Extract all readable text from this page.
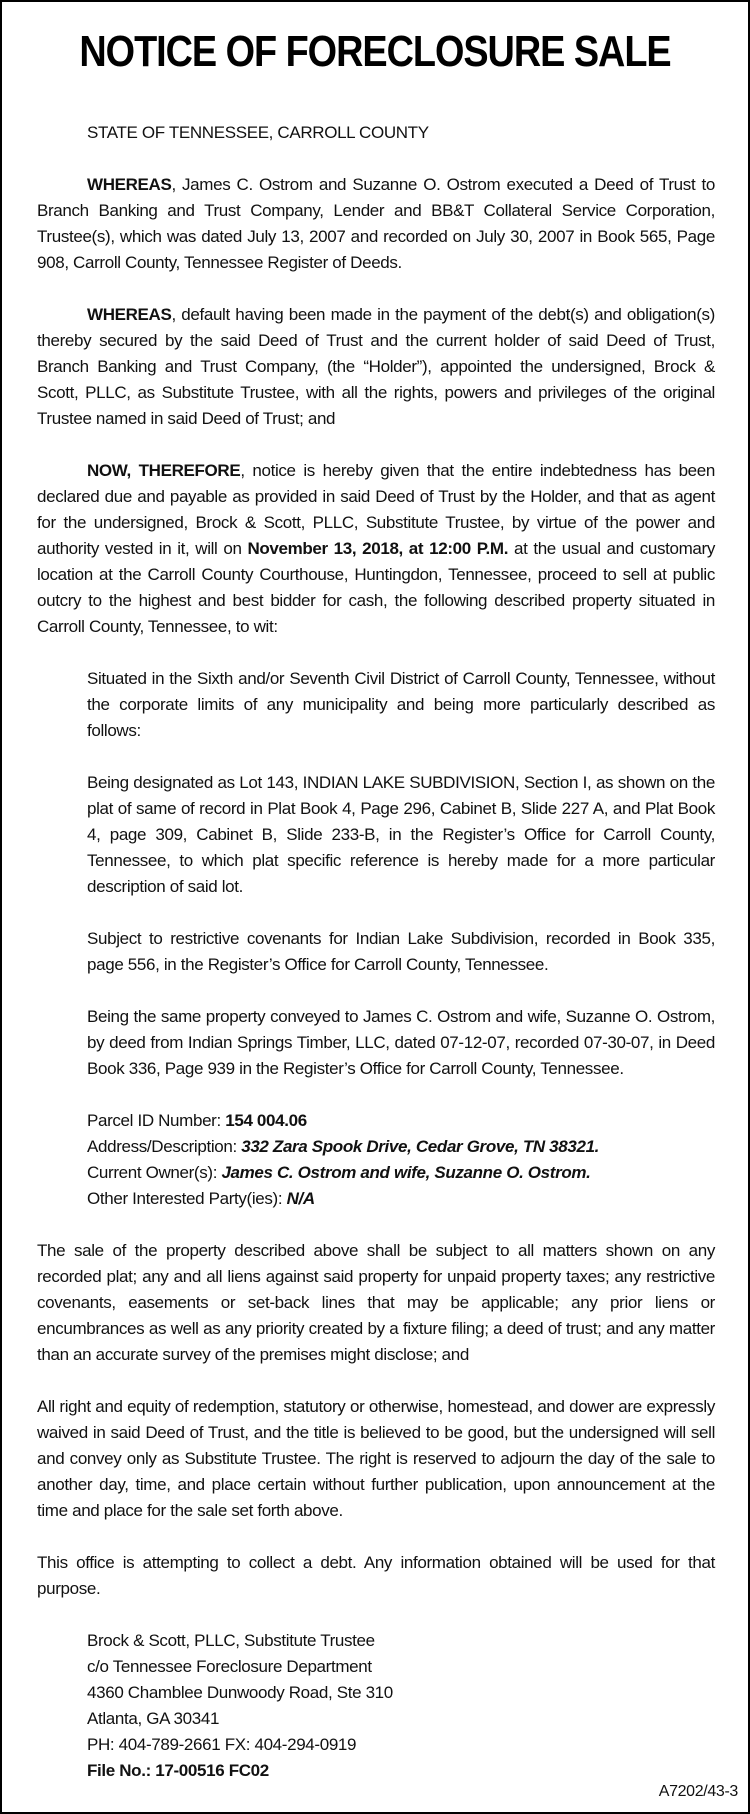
NOTICE OF FORECLOSURE SALE

STATE OF TENNESSEE, CARROLL COUNTY

WHEREAS, James C. Ostrom and Suzanne O. Ostrom executed a Deed of Trust to Branch Banking and Trust Company, Lender and BB&T Collateral Service Corporation, Trustee(s), which was dated July 13, 2007 and recorded on July 30, 2007 in Book 565, Page 908, Carroll County, Tennessee Register of Deeds.

WHEREAS, default having been made in the payment of the debt(s) and obligation(s) thereby secured by the said Deed of Trust and the current holder of said Deed of Trust, Branch Banking and Trust Company, (the “Holder”), appointed the undersigned, Brock & Scott, PLLC, as Substitute Trustee, with all the rights, powers and privileges of the original Trustee named in said Deed of Trust; and

NOW, THEREFORE, notice is hereby given that the entire indebtedness has been declared due and payable as provided in said Deed of Trust by the Holder, and that as agent for the undersigned, Brock & Scott, PLLC, Substitute Trustee, by virtue of the power and authority vested in it, will on November 13, 2018, at 12:00 P.M. at the usual and customary location at the Carroll County Courthouse, Huntingdon, Tennessee, proceed to sell at public outcry to the highest and best bidder for cash, the following described property situated in Carroll County, Tennessee, to wit:

Situated in the Sixth and/or Seventh Civil District of Carroll County, Tennessee, without the corporate limits of any municipality and being more particularly described as follows:

Being designated as Lot 143, INDIAN LAKE SUBDIVISION, Section I, as shown on the plat of same of record in Plat Book 4, Page 296, Cabinet B, Slide 227 A, and Plat Book 4, page 309, Cabinet B, Slide 233-B, in the Register’s Office for Carroll County, Tennessee, to which plat specific reference is hereby made for a more particular description of said lot.

Subject to restrictive covenants for Indian Lake Subdivision, recorded in Book 335, page 556, in the Register’s Office for Carroll County, Tennessee.

Being the same property conveyed to James C. Ostrom and wife, Suzanne O. Ostrom, by deed from Indian Springs Timber, LLC, dated 07-12-07, recorded 07-30-07, in Deed Book 336, Page 939 in the Register’s Office for Carroll County, Tennessee.

Parcel ID Number: 154 004.06

Address/Description: 332 Zara Spook Drive, Cedar Grove, TN 38321.

Current Owner(s): James C. Ostrom and wife, Suzanne O. Ostrom.

Other Interested Party(ies): N/A

The sale of the property described above shall be subject to all matters shown on any recorded plat; any and all liens against said property for unpaid property taxes; any restrictive covenants, easements or set-back lines that may be applicable; any prior liens or encumbrances as well as any priority created by a fixture filing; a deed of trust; and any matter than an accurate survey of the premises might disclose; and

All right and equity of redemption, statutory or otherwise, homestead, and dower are expressly waived in said Deed of Trust, and the title is believed to be good, but the undersigned will sell and convey only as Substitute Trustee. The right is reserved to adjourn the day of the sale to another day, time, and place certain without further publication, upon announcement at the time and place for the sale set forth above.

This office is attempting to collect a debt. Any information obtained will be used for that purpose.

Brock & Scott, PLLC, Substitute Trustee

c/o Tennessee Foreclosure Department

4360 Chamblee Dunwoody Road, Ste 310

Atlanta, GA 30341

PH: 404-789-2661 FX: 404-294-0919

File No.: 17-00516 FC02

A7202/43-3
